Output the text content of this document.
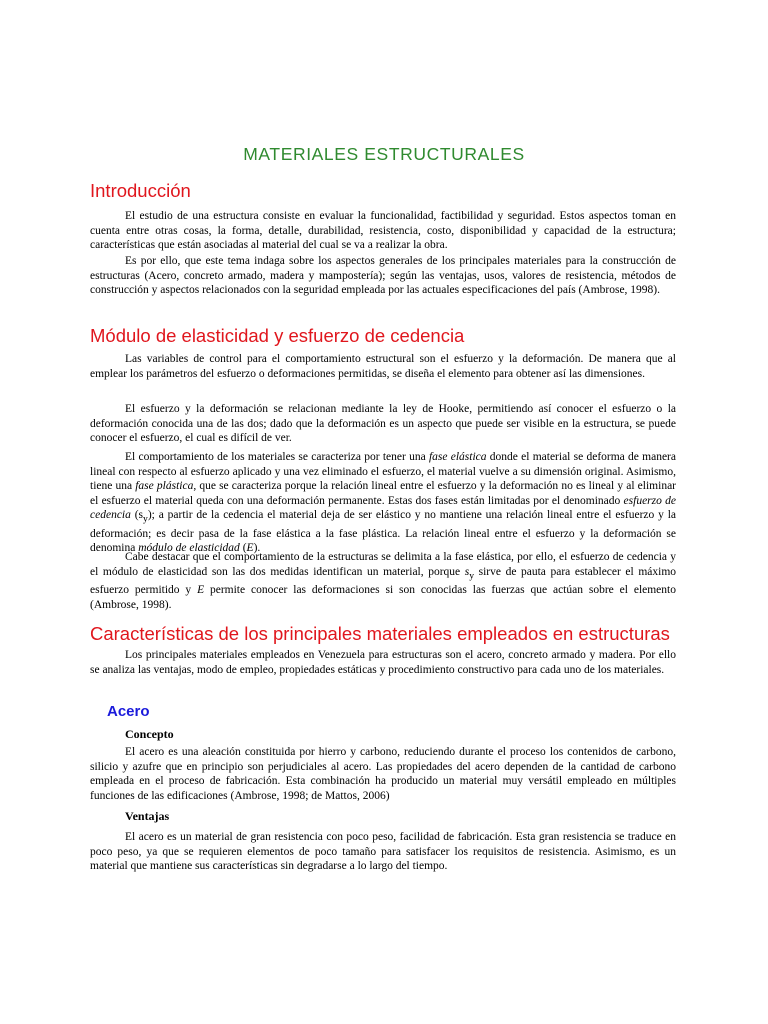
MATERIALES ESTRUCTURALES
Introducción

El estudio de una estructura consiste en evaluar la funcionalidad, factibilidad y seguridad. Estos aspectos toman en cuenta entre otras cosas, la forma, detalle, durabilidad, resistencia, costo, disponibilidad y capacidad de la estructura; características que están asociadas al material del cual se va a realizar la obra.

Es por ello, que este tema indaga sobre los aspectos generales de los principales materiales para la construcción de estructuras (Acero, concreto armado, madera y mampostería); según las ventajas, usos, valores de resistencia, métodos de construcción y aspectos relacionados con la seguridad empleada por las actuales especificaciones del país (Ambrose, 1998).

Módulo de elasticidad y esfuerzo de cedencia

Las variables de control para el comportamiento estructural son el esfuerzo y la deformación. De manera que al emplear los parámetros del esfuerzo o deformaciones permitidas, se diseña el elemento para obtener así las dimensiones.

El esfuerzo y la deformación se relacionan mediante la ley de Hooke, permitiendo así conocer el esfuerzo o la deformación conocida una de las dos; dado que la deformación es un aspecto que puede ser visible en la estructura, se puede conocer el esfuerzo, el cual es difícil de ver.

El comportamiento de los materiales se caracteriza por tener una fase elástica donde el material se deforma de manera lineal con respecto al esfuerzo aplicado y una vez eliminado el esfuerzo, el material vuelve a su dimensión original. Asimismo, tiene una fase plástica, que se caracteriza porque la relación lineal entre el esfuerzo y la deformación no es lineal y al eliminar el esfuerzo el material queda con una deformación permanente. Estas dos fases están limitadas por el denominado esfuerzo de cedencia $(s_y)$; a partir de la cedencia el material deja de ser elástico y no mantiene una relación lineal entre el esfuerzo y la deformación; es decir pasa de la fase elástica a la fase plástica. La relación lineal entre el esfuerzo y la deformación se denomina módulo de elasticidad (E).

Cabe destacar que el comportamiento de la estructuras se delimita a la fase elástica, por ello, el esfuerzo de cedencia y el módulo de elasticidad son las dos medidas identifican un material, porque $s_y$ sirve de pauta para establecer el máximo esfuerzo permitido y E permite conocer las deformaciones si son conocidas las fuerzas que actúan sobre el elemento (Ambrose, 1998).

Características de los principales materiales empleados en estructuras

Los principales materiales empleados en Venezuela para estructuras son el acero, concreto armado y madera. Por ello se analiza las ventajas, modo de empleo, propiedades estáticas y procedimiento constructivo para cada uno de los materiales.

Acero
Concepto

El acero es una aleación constituida por hierro y carbono, reduciendo durante el proceso los contenidos de carbono, silicio y azufre que en principio son perjudiciales al acero. Las propiedades del acero dependen de la cantidad de carbono empleada en el proceso de fabricación. Esta combinación ha producido un material muy versátil empleado en múltiples funciones de las edificaciones (Ambrose, 1998; de Mattos, 2006)

Ventajas

El acero es un material de gran resistencia con poco peso, facilidad de fabricación. Esta gran resistencia se traduce en poco peso, ya que se requieren elementos de poco tamaño para satisfacer los requisitos de resistencia. Asimismo, es un material que mantiene sus características sin degradarse a lo largo del tiempo.
